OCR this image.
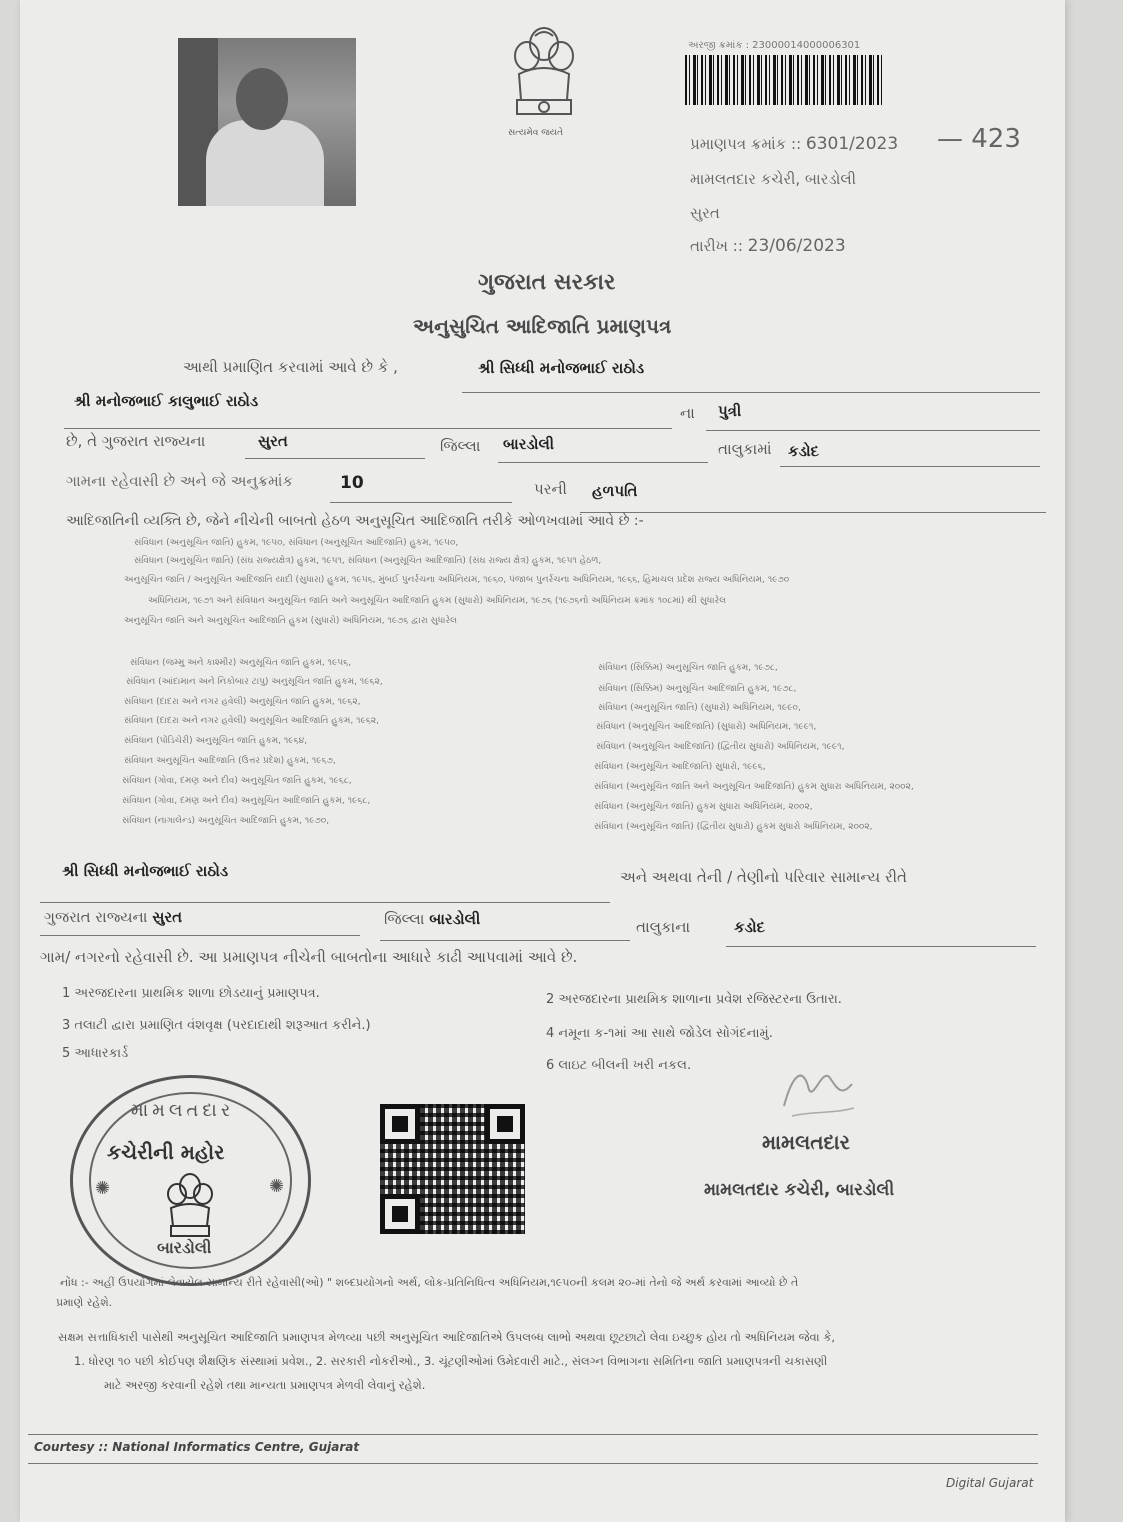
સત્યમેવ જયતે
અરજી ક્રમાંક : 23000014000006301
પ્રમાણપત્ર ક્રમાંક :: 6301/2023 — 423
મામલતદાર કચેરી, બારડોલી
સુરત
તારીખ :: 23/06/2023
ગુજરાત સરકાર
અનુસુચિત આદિજાતિ પ્રમાણપત્ર
આથી પ્રમાણિત કરવામાં આવે છે કે ,	શ્રી સિધ્ધી મનોજભાઈ રાઠોડ
શ્રી મનોજભાઈ કાલુભાઈ રાઠોડ
ના પુત્રી
છે, તે ગુજરાત રાજ્યના	સુરત	જિલ્લા બારડોલી	તાલુકામાં કડોદ
ગામના રહેવાસી છે અને જે અનુક્રમાંક	10	પરની હળપતિ
આદિજાતિની વ્યક્તિ છે, જેને નીચેની બાબતો હેઠળ અનુસૂચિત આદિજાતિ તરીકે ઓળખવામાં આવે છે :-
સંવિધાન (અનુસૂચિત જાતિ) હુકમ, ૧૯૫૦, સંવિધાન (અનુસૂચિત આદિજાતિ) હુકમ, ૧૯૫૦,
સંવિધાન (અનુસૂચિત જાતિ) (સંઘ રાજ્યક્ષેત્ર) હુકમ, ૧૯૫૧, સંવિધાન (અનુસૂચિત આદિજાતિ) (સંઘ રાજ્ય ક્ષેત્ર) હુકમ, ૧૯૫૧ હેઠળ,
અનુસૂચિત જાતિ / અનુસૂચિત આદિજાતિ યાદી (સુધારા) હુકમ, ૧૯૫૬, મુંબઈ પુનર્રચના અધિનિયમ, ૧૯૬૦, પંજાબ પુનર્રચના અધિનિયમ, ૧૯૬૬, હિમાચલ પ્રદેશ રાજ્ય અધિનિયમ, ૧૯૭૦
અધિનિયમ, ૧૯૭૧ અને સંવિધાન અનુસૂચિત જાતિ અને અનુસૂચિત આદિજાતિ હુકમ (સુધારો) અધિનિયમ, ૧૯૭૬ (૧૯૭૬નો અધિનિયમ ક્રમાંક ૧૦૮માં) થી સુધારેલ
અનુસૂચિત જાતિ અને અનુસૂચિત આદિજાતિ હુકમ (સુધારો) અધિનિયમ, ૧૯૭૬ દ્વારા સુધારેલ
સંવિધાન (જમ્મુ અને કાશ્મીર) અનુસૂચિત જાતિ હુકમ, ૧૯૫૬,
સંવિધાન (આંદામાન અને નિકોબાર ટાપુ) અનુસૂચિત જાતિ હુકમ, ૧૯૬૨,
સંવિધાન (દાદરા અને નગર હવેલી) અનુસૂચિત જાતિ હુકમ, ૧૯૬૨,
સંવિધાન (દાદરા અને નગર હવેલી) અનુસૂચિત આદિજાતિ હુકમ, ૧૯૬૨,
સંવિધાન (પોંડિચેરી) અનુસૂચિત જાતિ હુકમ, ૧૯૬૪,
સંવિધાન અનુસૂચિત આદિજાતિ (ઉત્તર પ્રદેશ) હુકમ, ૧૯૬૭,
સંવિધાન (ગોવા, દમણ અને દીવ) અનુસૂચિત જાતિ હુકમ, ૧૯૬૮,
સંવિધાન (ગોવા, દમણ અને દીવ) અનુસૂચિત આદિજાતિ હુકમ, ૧૯૬૮,
સંવિધાન (નાગાલેન્ડ) અનુસૂચિત આદિજાતિ હુકમ, ૧૯૭૦,
સંવિધાન (સિક્કિમ) અનુસૂચિત જાતિ હુકમ, ૧૯૭૮,
સંવિધાન (સિક્કિમ) અનુસૂચિત આદિજાતિ હુકમ, ૧૯૭૮,
સંવિધાન (અનુસૂચિત જાતિ) (સુધારો) અધિનિયમ, ૧૯૯૦,
સંવિધાન (અનુસૂચિત આદિજાતિ) (સુધારો) અધિનિયમ, ૧૯૯૧,
સંવિધાન (અનુસૂચિત આદિજાતિ) (દ્વિતીય સુધારો) અધિનિયમ, ૧૯૯૧,
સંવિધાન (અનુસૂચિત આદિજાતિ) સુધારો, ૧૯૯૬,
સંવિધાન (અનુસૂચિત જાતિ અને અનુસૂચિત આદિજાતિ) હુકમ સુધારા અધિનિયમ, ૨૦૦૨,
સંવિધાન (અનુસૂચિત જાતિ) હુકમ સુધારા અધિનિયમ, ૨૦૦૨,
સંવિધાન (અનુસૂચિત જાતિ) (દ્વિતીય સુધારો) હુકમ સુધારો અધિનિયમ, ૨૦૦૨,
શ્રી સિધ્ધી મનોજભાઈ રાઠોડ	અને અથવા તેની / તેણીનો પરિવાર સામાન્ય રીતે
ગુજરાત રાજ્યના સુરત	જિલ્લા બારડોલી	તાલુકાના	કડોદ
ગામ/ નગરનો રહેવાસી છે. આ પ્રમાણપત્ર નીચેની બાબતોના આધારે કાઢી આપવામાં આવે છે.
1 અરજદારના પ્રાથમિક શાળા છોડયાનું પ્રમાણપત્ર.	2 અરજદારના પ્રાથમિક શાળાના પ્રવેશ રજિસ્ટરના ઉતારા.
3 તલાટી દ્વારા પ્રમાણિત વંશવૃક્ષ (પરદાદાથી શરૂઆત કરીને.)
4 નમૂના ક-૧માં આ સાથે જોડેલ સોગંદનામું.
5 આધારકાર્ડ
6 લાઇટ બીલની ખરી નકલ.
મામલતદાર
કચેરીની મહોર
✺	✺
બારડોલી
મામલતદાર
મામલતદાર કચેરી, બારડોલી
નોંધ :- અહીં ઉપયોગમાં લેવાયેલ સામાન્ય રીતે રહેવાસી(ઓ) " શબ્દપ્રયોગનો અર્થ, લોક-પ્રતિનિધિત્વ અધિનિયમ,૧૯૫૦ની કલમ ૨૦-માં તેનો જે અર્થ કરવામાં આવ્યો છે તે
પ્રમાણે રહેશે.
સક્ષમ સત્તાધિકારી પાસેથી અનુસૂચિત આદિજાતિ પ્રમાણપત્ર મેળવ્યા પછી અનુસૂચિત આદિજાતિએ ઉપલબ્ધ લાભો અથવા છૂટછાટો લેવા ઇચ્છુક હોય તો અધિનિયમ જેવા કે,
1. ધોરણ ૧૦ પછી કોઈપણ શૈક્ષણિક સંસ્થામાં પ્રવેશ., 2. સરકારી નોકરીઓ., 3. ચૂંટણીઓમાં ઉમેદવારી માટે., સંલગ્ન વિભાગના સમિતિના જાતિ પ્રમાણપત્રની ચકાસણી
માટે અરજી કરવાની રહેશે તથા માન્યતા પ્રમાણપત્ર મેળવી લેવાનું રહેશે.
Courtesy :: National Informatics Centre, Gujarat
Digital Gujarat
